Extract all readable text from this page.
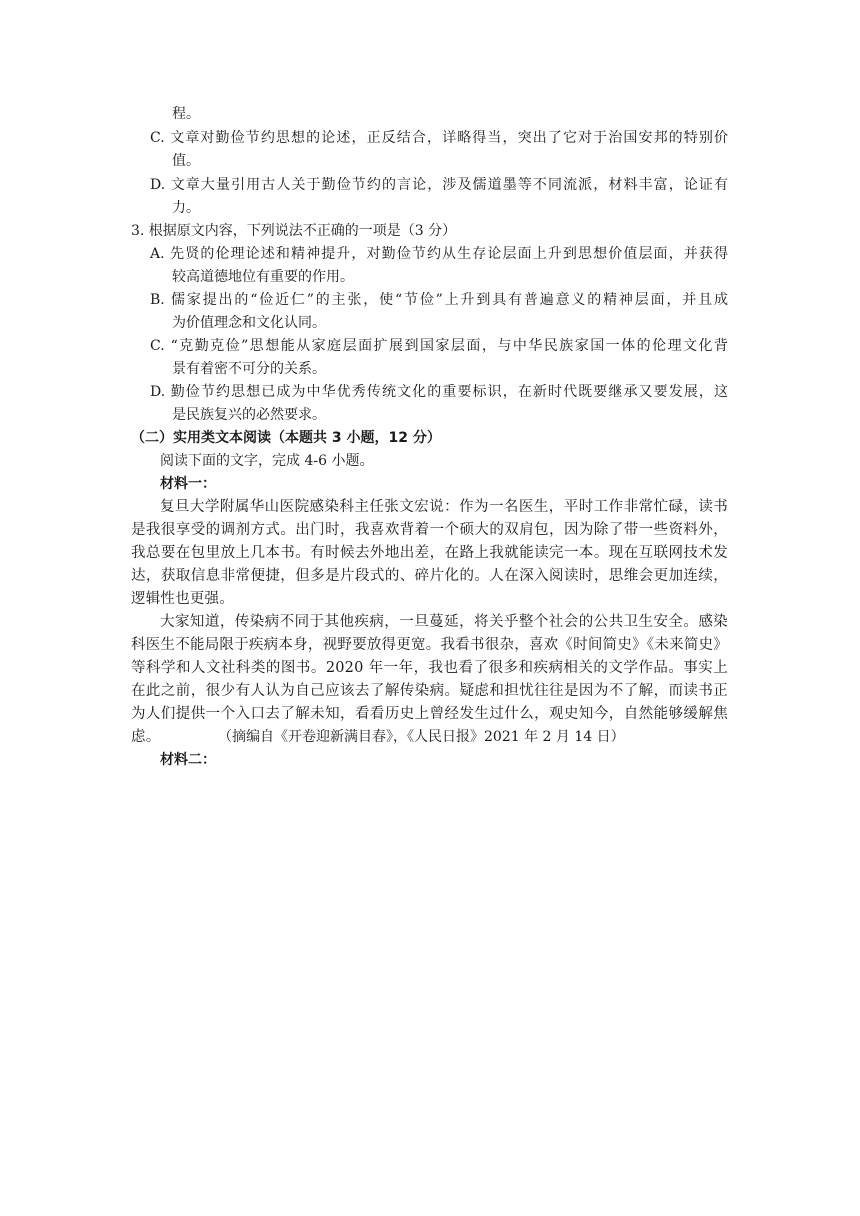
程。
C. 文章对勤俭节约思想的论述，正反结合，详略得当，突出了它对于治国安邦的特别价
值。
D. 文章大量引用古人关于勤俭节约的言论，涉及儒道墨等不同流派，材料丰富，论证有
力。
3. 根据原文内容，下列说法不正确的一项是（3 分）
A. 先贤的伦理论述和精神提升，对勤俭节约从生存论层面上升到思想价值层面，并获得
较高道德地位有重要的作用。
B. 儒家提出的“俭近仁”的主张，使“节俭”上升到具有普遍意义的精神层面，并且成
为价值理念和文化认同。
C. “克勤克俭”思想能从家庭层面扩展到国家层面，与中华民族家国一体的伦理文化背
景有着密不可分的关系。
D. 勤俭节约思想已成为中华优秀传统文化的重要标识，在新时代既要继承又要发展，这
是民族复兴的必然要求。
（二）实用类文本阅读（本题共 3 小题，12 分）
阅读下面的文字，完成 4-6 小题。
材料一：
复旦大学附属华山医院感染科主任张文宏说：作为一名医生，平时工作非常忙碌，读书
是我很享受的调剂方式。出门时，我喜欢背着一个硕大的双肩包，因为除了带一些资料外，
我总要在包里放上几本书。有时候去外地出差，在路上我就能读完一本。现在互联网技术发
达，获取信息非常便捷，但多是片段式的、碎片化的。人在深入阅读时，思维会更加连续，
逻辑性也更强。
大家知道，传染病不同于其他疾病，一旦蔓延，将关乎整个社会的公共卫生安全。感染
科医生不能局限于疾病本身，视野要放得更宽。我看书很杂，喜欢《时间简史》《未来简史》
等科学和人文社科类的图书。2020 年一年，我也看了很多和疾病相关的文学作品。事实上
在此之前，很少有人认为自己应该去了解传染病。疑虑和担忧往往是因为不了解，而读书正
为人们提供一个入口去了解未知，看看历史上曾经发生过什么，观史知今，自然能够缓解焦
虑。	（摘编自《开卷迎新满目春》，《人民日报》2021 年 2 月 14 日）
材料二：
